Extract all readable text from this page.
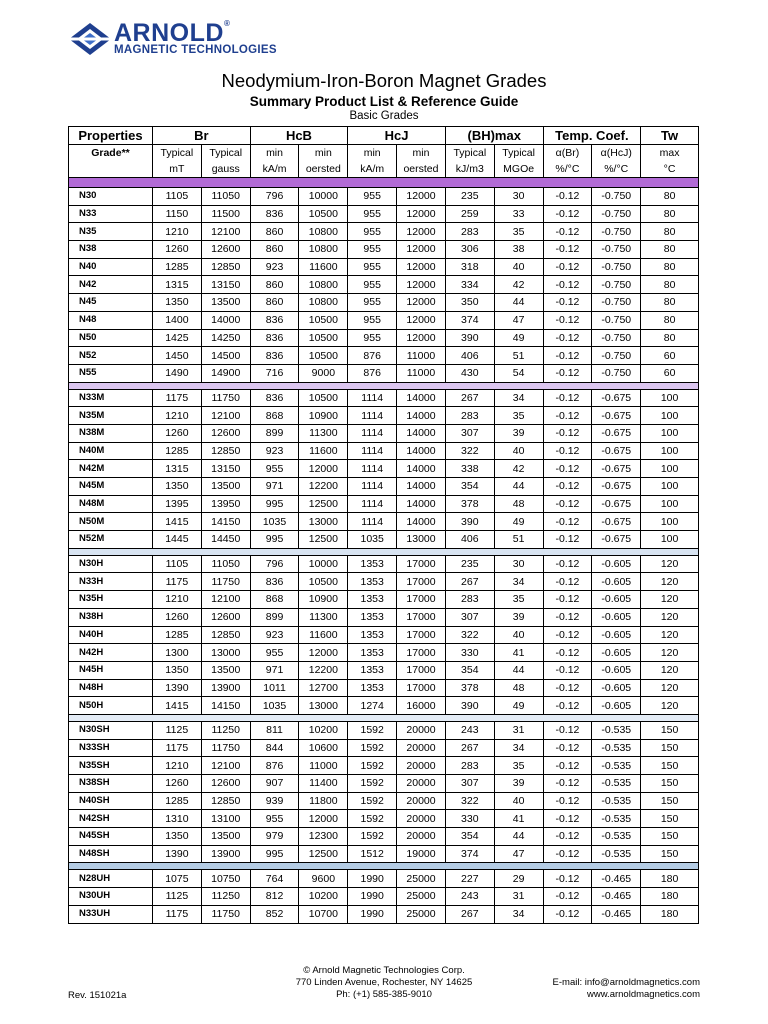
ARNOLD®
MAGNETIC TECHNOLOGIES
Neodymium-Iron-Boron Magnet Grades
Summary Product List & Reference Guide
Basic Grades
Properties	Br		HcB		HcJ		(BH)max		Temp. Coef.		Tw
Grade**	Typical	Typical	min	min	min	min	Typical	Typical	α(Br)	α(HcJ)	max
	mT	gauss	kA/m	oersted	kA/m	oersted	kJ/m3	MGOe	%/°C	%/°C	°C

N30	1105	11050	796	10000	955	12000	235	30	-0.12	-0.750	80
N33	1150	11500	836	10500	955	12000	259	33	-0.12	-0.750	80
N35	1210	12100	860	10800	955	12000	283	35	-0.12	-0.750	80
N38	1260	12600	860	10800	955	12000	306	38	-0.12	-0.750	80
N40	1285	12850	923	11600	955	12000	318	40	-0.12	-0.750	80
N42	1315	13150	860	10800	955	12000	334	42	-0.12	-0.750	80
N45	1350	13500	860	10800	955	12000	350	44	-0.12	-0.750	80
N48	1400	14000	836	10500	955	12000	374	47	-0.12	-0.750	80
N50	1425	14250	836	10500	955	12000	390	49	-0.12	-0.750	80
N52	1450	14500	836	10500	876	11000	406	51	-0.12	-0.750	60
N55	1490	14900	716	9000	876	11000	430	54	-0.12	-0.750	60

N33M	1175	11750	836	10500	1114	14000	267	34	-0.12	-0.675	100
N35M	1210	12100	868	10900	1114	14000	283	35	-0.12	-0.675	100
N38M	1260	12600	899	11300	1114	14000	307	39	-0.12	-0.675	100
N40M	1285	12850	923	11600	1114	14000	322	40	-0.12	-0.675	100
N42M	1315	13150	955	12000	1114	14000	338	42	-0.12	-0.675	100
N45M	1350	13500	971	12200	1114	14000	354	44	-0.12	-0.675	100
N48M	1395	13950	995	12500	1114	14000	378	48	-0.12	-0.675	100
N50M	1415	14150	1035	13000	1114	14000	390	49	-0.12	-0.675	100
N52M	1445	14450	995	12500	1035	13000	406	51	-0.12	-0.675	100

N30H	1105	11050	796	10000	1353	17000	235	30	-0.12	-0.605	120
N33H	1175	11750	836	10500	1353	17000	267	34	-0.12	-0.605	120
N35H	1210	12100	868	10900	1353	17000	283	35	-0.12	-0.605	120
N38H	1260	12600	899	11300	1353	17000	307	39	-0.12	-0.605	120
N40H	1285	12850	923	11600	1353	17000	322	40	-0.12	-0.605	120
N42H	1300	13000	955	12000	1353	17000	330	41	-0.12	-0.605	120
N45H	1350	13500	971	12200	1353	17000	354	44	-0.12	-0.605	120
N48H	1390	13900	1011	12700	1353	17000	378	48	-0.12	-0.605	120
N50H	1415	14150	1035	13000	1274	16000	390	49	-0.12	-0.605	120

N30SH	1125	11250	811	10200	1592	20000	243	31	-0.12	-0.535	150
N33SH	1175	11750	844	10600	1592	20000	267	34	-0.12	-0.535	150
N35SH	1210	12100	876	11000	1592	20000	283	35	-0.12	-0.535	150
N38SH	1260	12600	907	11400	1592	20000	307	39	-0.12	-0.535	150
N40SH	1285	12850	939	11800	1592	20000	322	40	-0.12	-0.535	150
N42SH	1310	13100	955	12000	1592	20000	330	41	-0.12	-0.535	150
N45SH	1350	13500	979	12300	1592	20000	354	44	-0.12	-0.535	150
N48SH	1390	13900	995	12500	1512	19000	374	47	-0.12	-0.535	150

N28UH	1075	10750	764	9600	1990	25000	227	29	-0.12	-0.465	180
N30UH	1125	11250	812	10200	1990	25000	243	31	-0.12	-0.465	180
N33UH	1175	11750	852	10700	1990	25000	267	34	-0.12	-0.465	180
© Arnold Magnetic Technologies Corp.
770 Linden Avenue, Rochester, NY 14625
Ph: (+1) 585-385-9010
E-mail: info@arnoldmagnetics.com
www.arnoldmagnetics.com
Rev. 151021a
